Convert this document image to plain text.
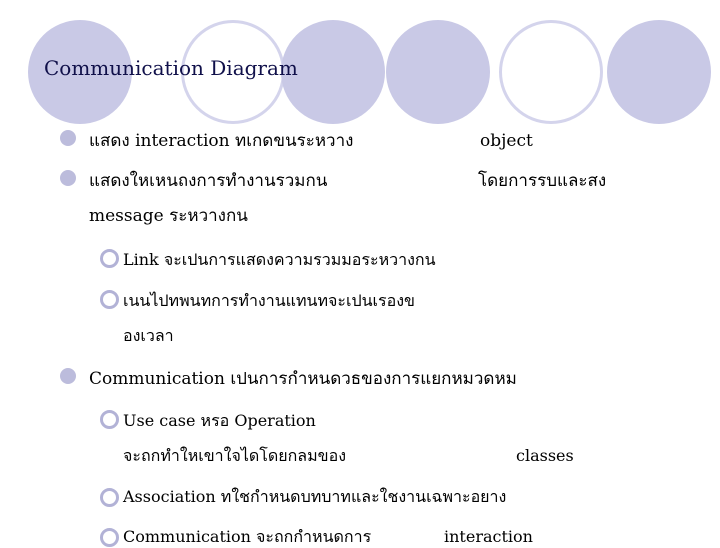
Communication Diagram
แสดง interaction ทเกดขนระหวาง	object
แสดงใหเหนถงการทำงานรวมกน	โดยการรบและสง
message ระหวางกน
Link จะเปนการแสดงความรวมมอระหวางกน
เนนไปทพนทการทำงานแทนทจะเปนเรองข
องเวลา
Communication เปนการกำหนดวธของการแยกหมวดหม
Use case หรอ Operation
จะถกทำใหเขาใจไดโดยกลมของ	classes
Association ทใชกำหนดบทบาทและใชงานเฉพาะอยาง
Communication จะถกกำหนดการ	interaction
